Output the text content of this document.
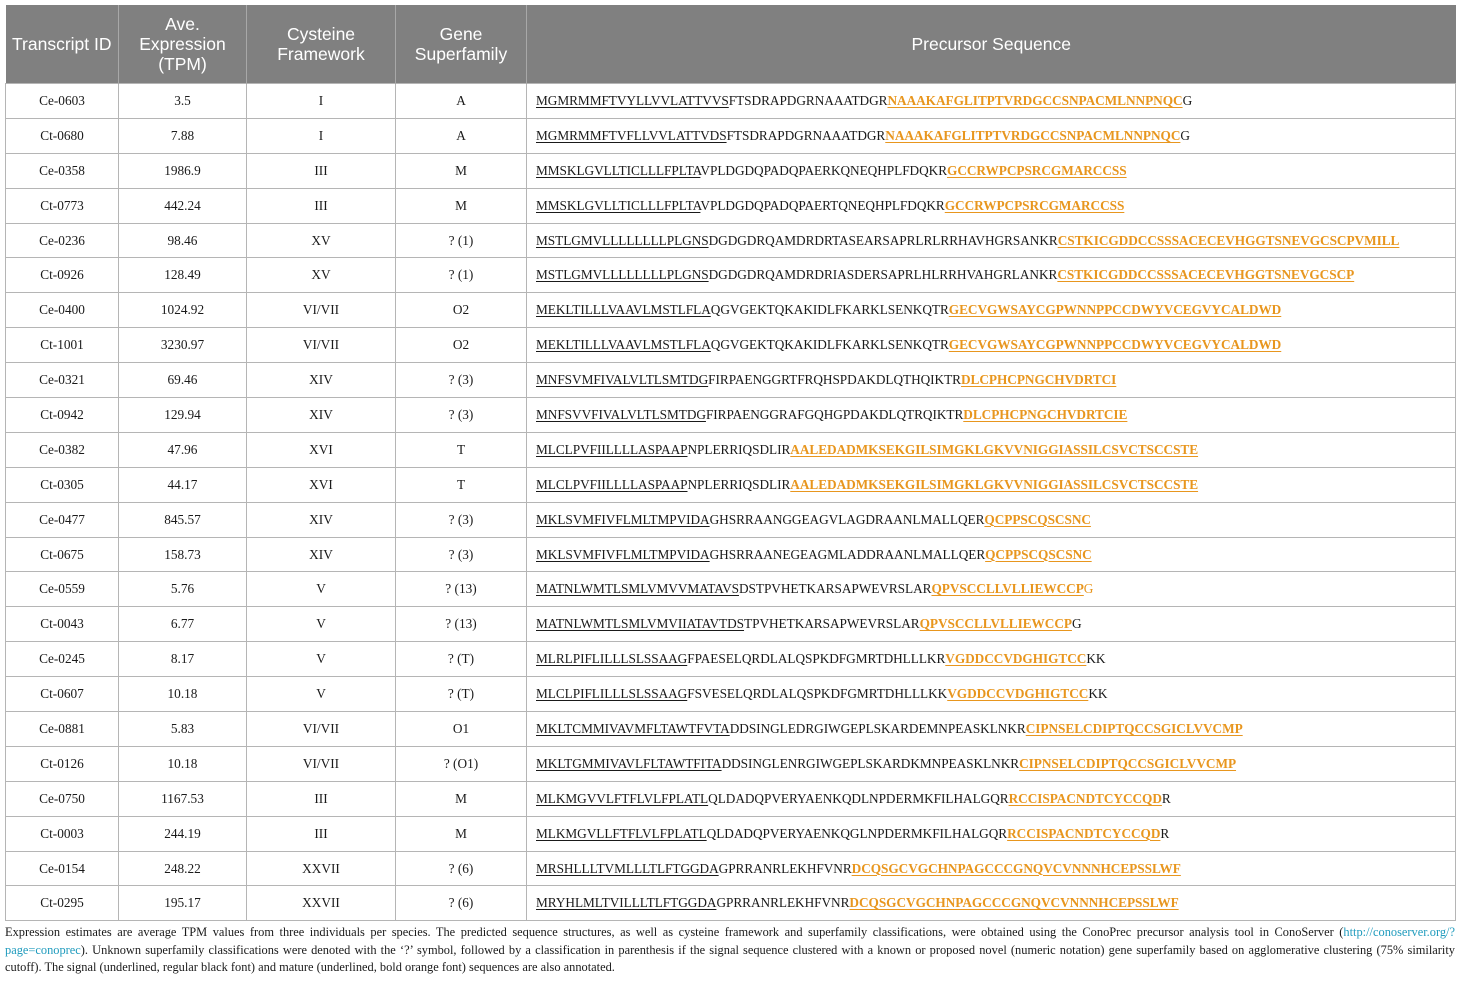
Transcript ID	Ave. Expression (TPM)	Cysteine Framework	Gene Superfamily	Precursor Sequence
Ce-0603	3.5	I	A	MGMRMMFTVYLLVVLATTVVSFTSDRAPDGRNAAATDGRNAAAKAFGLITPTVRDGCCSNPACMLNNPNQCG
Ct-0680	7.88	I	A	MGMRMMFTVFLLVVLATTVDSFTSDRAPDGRNAAATDGRNAAAKAFGLITPTVRDGCCSNPACMLNNPNQCG
Ce-0358	1986.9	III	M	MMSKLGVLLTICLLLFPLTAVPLDGDQPADQPAERKQNEQHPLFDQKRGCCRWPCPSRCGMARCCSS
Ct-0773	442.24	III	M	MMSKLGVLLTICLLLFPLTAVPLDGDQPADQPAERTQNEQHPLFDQKRGCCRWPCPSRCGMARCCSS
Ce-0236	98.46	XV	? (1)	MSTLGMVLLLLLLLLPLGNSDGDGDRQAMDRDRTASEARSAPRLRLRRHAVHGRSANKRCSTKICGDDCCSSSACECEVHGGTSNEVGCSCPVMILL
Ct-0926	128.49	XV	? (1)	MSTLGMVLLLLLLLLPLGNSDGDGDRQAMDRDRIASDERSAPRLHLRRHVAHGRLANKRCSTKICGDDCCSSSACECEVHGGTSNEVGCSCP
Ce-0400	1024.92	VI/VII	O2	MEKLTILLLVAAVLMSTLFLAQGVGEKTQKAKIDLFKARKLSENKQTRGECVGWSAYCGPWNNPPCCDWYVCEGVYCALDWD
Ct-1001	3230.97	VI/VII	O2	MEKLTILLLVAAVLMSTLFLAQGVGEKTQKAKIDLFKARKLSENKQTRGECVGWSAYCGPWNNPPCCDWYVCEGVYCALDWD
Ce-0321	69.46	XIV	? (3)	MNFSVMFIVALVLTLSMTDGFIRPAENGGRTFRQHSPDAKDLQTHQIKTRDLCPHCPNGCHVDRTCI
Ct-0942	129.94	XIV	? (3)	MNFSVVFIVALVLTLSMTDGFIRPAENGGRAFGQHGPDAKDLQTRQIKTRDLCPHCPNGCHVDRTCIE
Ce-0382	47.96	XVI	T	MLCLPVFIILLLLASPAAPNPLERRIQSDLIRAALEDADMKSEKGILSIMGKLGKVVNIGGIASSILCSVCTSCCSTE
Ct-0305	44.17	XVI	T	MLCLPVFIILLLLASPAAPNPLERRIQSDLIRAALEDADMKSEKGILSIMGKLGKVVNIGGIASSILCSVCTSCCSTE
Ce-0477	845.57	XIV	? (3)	MKLSVMFIVFLMLTMPVIDAGHSRRAANGGEAGVLAGDRAANLMALLQERQCPPSCQSCSNC
Ct-0675	158.73	XIV	? (3)	MKLSVMFIVFLMLTMPVIDAGHSRRAANEGEAGMLADDRAANLMALLQERQCPPSCQSCSNC
Ce-0559	5.76	V	? (13)	MATNLWMTLSMLVMVVMATAVSDSTPVHETKARSAPWEVRSLARQPVSCCLLVLLIEWCCPG
Ct-0043	6.77	V	? (13)	MATNLWMTLSMLVMVIIATAVTDSTPVHETKARSAPWEVRSLARQPVSCCLLVLLIEWCCPG
Ce-0245	8.17	V	? (T)	MLRLPIFLILLLSLSSAAGFPAESELQRDLALQSPKDFGMRTDHLLLKRVGDDCCVDGHIGTCCKK
Ct-0607	10.18	V	? (T)	MLCLPIFLILLLSLSSAAGFSVESELQRDLALQSPKDFGMRTDHLLLKKVGDDCCVDGHIGTCCKK
Ce-0881	5.83	VI/VII	O1	MKLTCMMIVAVMFLTAWTFVTADDSINGLEDRGIWGEPLSKARDEMNPEASKLNKRCIPNSELCDIPTQCCSGICLVVCMP
Ct-0126	10.18	VI/VII	? (O1)	MKLTGMMIVAVLFLTAWTFITADDSINGLENRGIWGEPLSKARDKMNPEASKLNKRCIPNSELCDIPTQCCSGICLVVCMP
Ce-0750	1167.53	III	M	MLKMGVVLFTFLVLFPLATLQLDADQPVERYAENKQDLNPDERMKFILHALGQRRCCISPACNDTCYCCQDR
Ct-0003	244.19	III	M	MLKMGVLLFTFLVLFPLATLQLDADQPVERYAENKQGLNPDERMKFILHALGQRRCCISPACNDTCYCCQDR
Ce-0154	248.22	XXVII	? (6)	MRSHLLLTVMLLLTLFTGGDAGPRRANRLEKHFVNRDCQSGCVGCHNPAGCCCGNQVCVNNNHCEPSSLWF
Ct-0295	195.17	XXVII	? (6)	MRYHLMLTVILLLTLFTGGDAGPRRANRLEKHFVNRDCQSGCVGCHNPAGCCCGNQVCVNNNHCEPSSLWF
Expression estimates are average TPM values from three individuals per species. The predicted sequence structures, as well as cysteine framework and superfamily classifications, were obtained using the ConoPrec precursor analysis tool in ConoServer (http://conoserver.org/?page=conoprec). Unknown superfamily classifications were denoted with the ‘?’ symbol, followed by a classification in parenthesis if the signal sequence clustered with a known or proposed novel (numeric notation) gene superfamily based on agglomerative clustering (75% similarity cutoff). The signal (underlined, regular black font) and mature (underlined, bold orange font) sequences are also annotated.
